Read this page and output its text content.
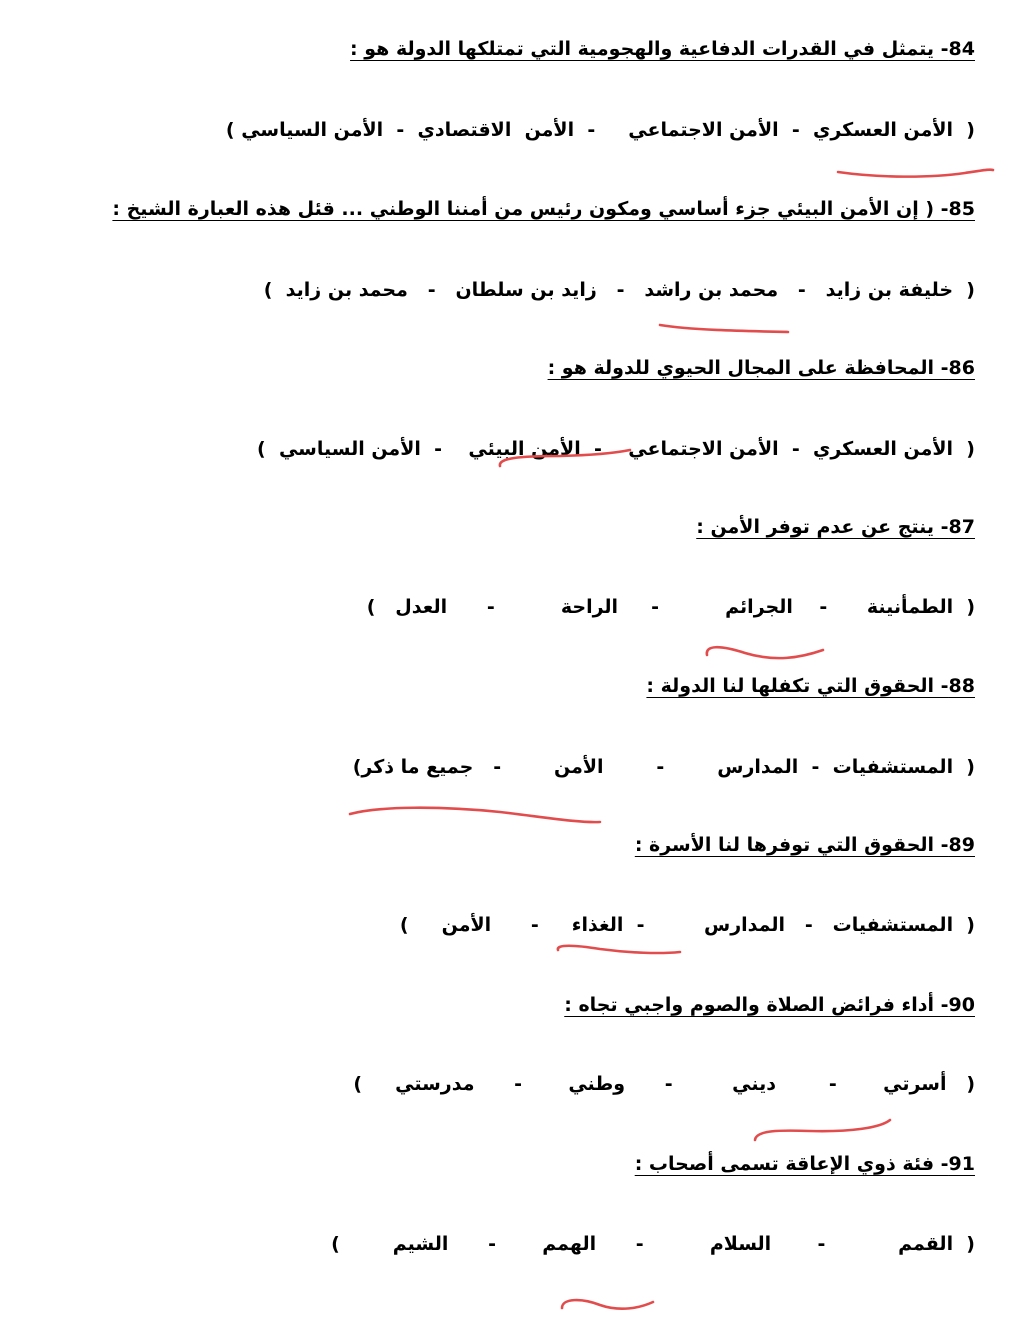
84- يتمثل في القدرات الدفاعية والهجومية التي تمتلكها الدولة هو :
(  الأمن العسكري  -  الأمن الاجتماعي     -  الأمن  الاقتصادي  -  الأمن السياسي )
85- ( إن الأمن البيئي جزء أساسي ومكون رئيس من أمننا الوطني ... قئل هذه العبارة الشيخ :
(  خليفة بن زايد   -   محمد بن راشد   -   زايد بن سلطان   -   محمد بن زايد  )
86- المحافظة على المجال الحيوي للدولة هو :
(  الأمن العسكري  -  الأمن الاجتماعي    -  الأمن البيئي    -  الأمن السياسي  )
87- ينتج عن عدم توفر الأمن :
(  الطمأنينة      -    الجرائم          -     الراحة          -      العدل   )
88- الحقوق التي تكفلها لنا الدولة :
(  المستشفيات  -  المدارس        -        الأمن        -   جميع ما ذكر)
89- الحقوق التي توفرها لنا الأسرة :
(  المستشفيات   -   المدارس         -  الغذاء     -      الأمن     )
90- أداء فرائض الصلاة والصوم واجبي تجاه :
(   أسرتي       -        ديني         -      وطني       -      مدرستي     )
91- فئة ذوي الإعاقة تسمى أصحاب :
(  القمم           -       السلام          -      الهمم       -      الشيم        )
